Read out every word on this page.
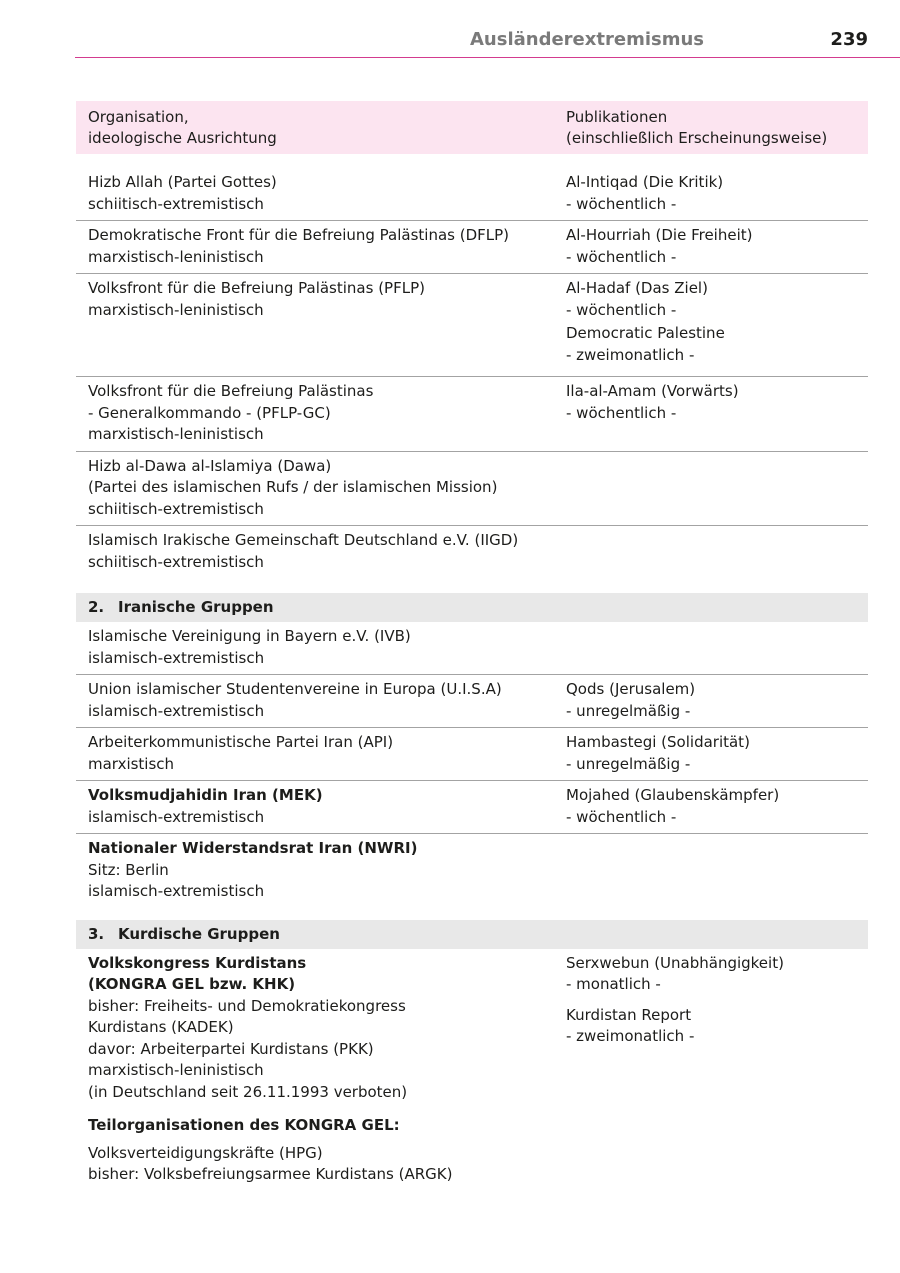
Ausländerextremismus	239
Organisation,
ideologische Ausrichtung
Publikationen
(einschließlich Erscheinungsweise)
Hizb Allah (Partei Gottes)
schiitisch-extremistisch
Al-Intiqad (Die Kritik)
- wöchentlich -
Demokratische Front für die Befreiung Palästinas (DFLP)
marxistisch-leninistisch
Al-Hourriah (Die Freiheit)
- wöchentlich -
Volksfront für die Befreiung Palästinas (PFLP)
marxistisch-leninistisch
Al-Hadaf (Das Ziel)
- wöchentlich -
Democratic Palestine
- zweimonatlich -
Volksfront für die Befreiung Palästinas
- Generalkommando - (PFLP-GC)
marxistisch-leninistisch
Ila-al-Amam (Vorwärts)
- wöchentlich -
Hizb al-Dawa al-Islamiya (Dawa)
(Partei des islamischen Rufs / der islamischen Mission)
schiitisch-extremistisch
Islamisch Irakische Gemeinschaft Deutschland e.V. (IIGD)
schiitisch-extremistisch
2. Iranische Gruppen
Islamische Vereinigung in Bayern e.V. (IVB)
islamisch-extremistisch
Union islamischer Studentenvereine in Europa (U.I.S.A)
islamisch-extremistisch
Qods (Jerusalem)
- unregelmäßig -
Arbeiterkommunistische Partei Iran (API)
marxistisch
Hambastegi (Solidarität)
- unregelmäßig -
Volksmudjahidin Iran (MEK)
islamisch-extremistisch
Mojahed (Glaubenskämpfer)
- wöchentlich -
Nationaler Widerstandsrat Iran (NWRI)
Sitz: Berlin
islamisch-extremistisch
3. Kurdische Gruppen
Volkskongress Kurdistans
(KONGRA GEL bzw. KHK)
bisher: Freiheits- und Demokratiekongress
Kurdistans (KADEK)
davor: Arbeiterpartei Kurdistans (PKK)
marxistisch-leninistisch
(in Deutschland seit 26.11.1993 verboten)
Teilorganisationen des KONGRA GEL:
Volksverteidigungskräfte (HPG)
bisher: Volksbefreiungsarmee Kurdistans (ARGK)
Serxwebun (Unabhängigkeit)
- monatlich -
Kurdistan Report
- zweimonatlich -
